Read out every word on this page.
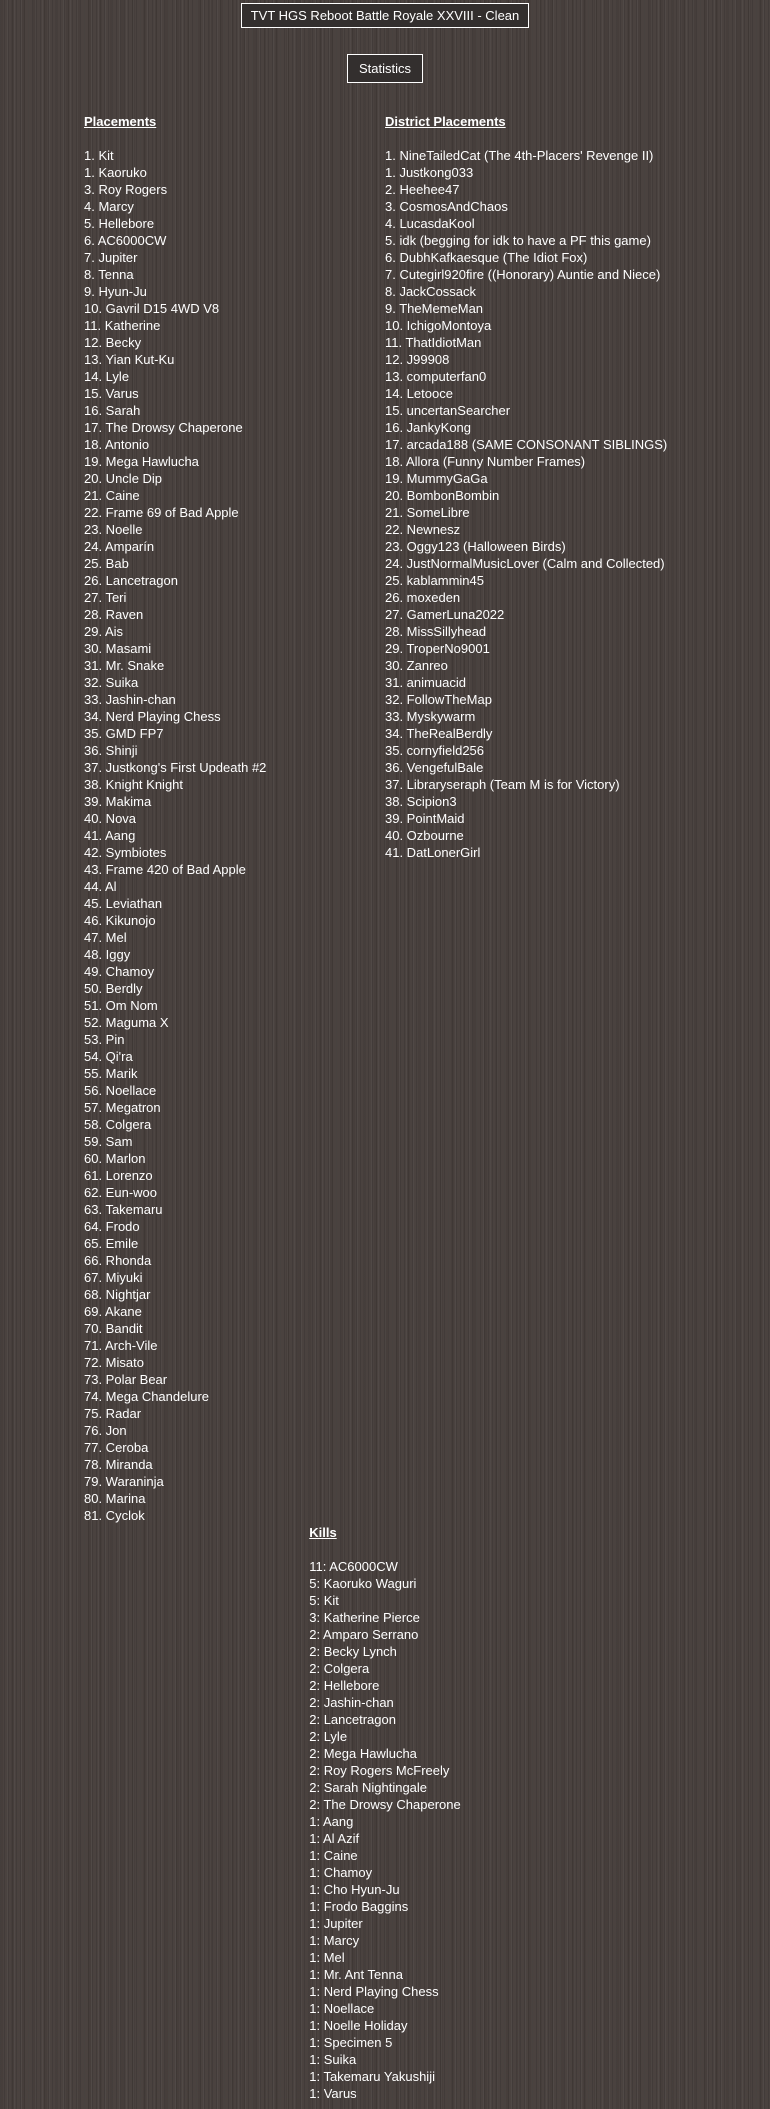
TVT HGS Reboot Battle Royale XXVIII - Clean
Statistics
Placements
1. Kit
1. Kaoruko
3. Roy Rogers
4. Marcy
5. Hellebore
6. AC6000CW
7. Jupiter
8. Tenna
9. Hyun-Ju
10. Gavril D15 4WD V8
11. Katherine
12. Becky
13. Yian Kut-Ku
14. Lyle
15. Varus
16. Sarah
17. The Drowsy Chaperone
18. Antonio
19. Mega Hawlucha
20. Uncle Dip
21. Caine
22. Frame 69 of Bad Apple
23. Noelle
24. Amparín
25. Bab
26. Lancetragon
27. Teri
28. Raven
29. Ais
30. Masami
31. Mr. Snake
32. Suika
33. Jashin-chan
34. Nerd Playing Chess
35. GMD FP7
36. Shinji
37. Justkong's First Updeath #2
38. Knight Knight
39. Makima
40. Nova
41. Aang
42. Symbiotes
43. Frame 420 of Bad Apple
44. Al
45. Leviathan
46. Kikunojo
47. Mel
48. Iggy
49. Chamoy
50. Berdly
51. Om Nom
52. Maguma X
53. Pin
54. Qi'ra
55. Marik
56. Noellace
57. Megatron
58. Colgera
59. Sam
60. Marlon
61. Lorenzo
62. Eun-woo
63. Takemaru
64. Frodo
65. Emile
66. Rhonda
67. Miyuki
68. Nightjar
69. Akane
70. Bandit
71. Arch-Vile
72. Misato
73. Polar Bear
74. Mega Chandelure
75. Radar
76. Jon
77. Ceroba
78. Miranda
79. Waraninja
80. Marina
81. Cyclok

District Placements
1. NineTailedCat (The 4th-Placers' Revenge II)
1. Justkong033
2. Heehee47
3. CosmosAndChaos
4. LucasdaKool
5. idk (begging for idk to have a PF this game)
6. DubhKafkaesque (The Idiot Fox)
7. Cutegirl920fire ((Honorary) Auntie and Niece)
8. JackCossack
9. TheMemeMan
10. IchigoMontoya
11. ThatIdiotMan
12. J99908
13. computerfan0
14. Letooce
15. uncertanSearcher
16. JankyKong
17. arcada188 (SAME CONSONANT SIBLINGS)
18. Allora (Funny Number Frames)
19. MummyGaGa
20. BombonBombin
21. SomeLibre
22. Newnesz
23. Oggy123 (Halloween Birds)
24. JustNormalMusicLover (Calm and Collected)
25. kablammin45
26. moxeden
27. GamerLuna2022
28. MissSillyhead
29. TroperNo9001
30. Zanreo
31. animuacid
32. FollowTheMap
33. Myskywarm
34. TheRealBerdly
35. cornyfield256
36. VengefulBale
37. Libraryseraph (Team M is for Victory)
38. Scipion3
39. PointMaid
40. Ozbourne
41. DatLonerGirl

Kills
11: AC6000CW
5: Kaoruko Waguri
5: Kit
3: Katherine Pierce
2: Amparo Serrano
2: Becky Lynch
2: Colgera
2: Hellebore
2: Jashin-chan
2: Lancetragon
2: Lyle
2: Mega Hawlucha
2: Roy Rogers McFreely
2: Sarah Nightingale
2: The Drowsy Chaperone
1: Aang
1: Al Azif
1: Caine
1: Chamoy
1: Cho Hyun-Ju
1: Frodo Baggins
1: Jupiter
1: Marcy
1: Mel
1: Mr. Ant Tenna
1: Nerd Playing Chess
1: Noellace
1: Noelle Holiday
1: Specimen 5
1: Suika
1: Takemaru Yakushiji
1: Varus
